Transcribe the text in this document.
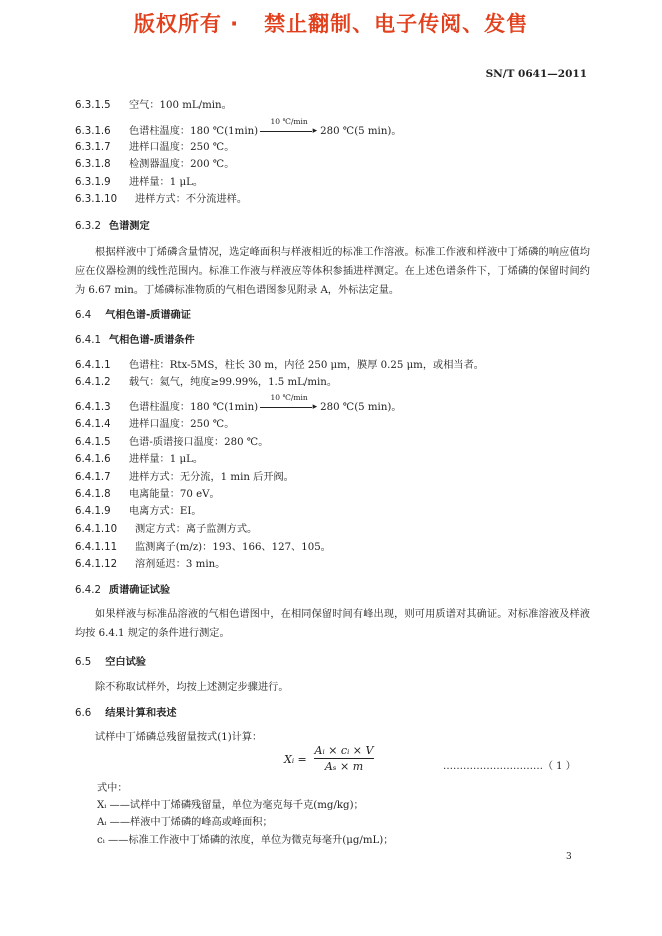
版权所有 ·   禁止翻制、电子传阅、发售
SN/T 0641—2011
6.3.1.5 空气：100 mL/min。
6.3.1.6 色谱柱温度：180 ℃(1min)
10 ℃/min
▸ 280 ℃(5 min)。
6.3.1.7 进样口温度：250 ℃。
6.3.1.8 检测器温度：200 ℃。
6.3.1.9 进样量：1 μL。
6.3.1.10 进样方式：不分流进样。
6.3.2 色谱测定
根据样液中丁烯磷含量情况，选定峰面积与样液相近的标准工作溶液。标准工作液和样液中丁烯磷的响应值均应在仪器检测的线性范围内。标准工作液与样液应等体积参插进样测定。在上述色谱条件下，丁烯磷的保留时间约为 6.67 min。丁烯磷标准物质的气相色谱图参见附录 A，外标法定量。
6.4 气相色谱-质谱确证
6.4.1 气相色谱-质谱条件
6.4.1.1 色谱柱：Rtx-5MS，柱长 30 m，内径 250 μm，膜厚 0.25 μm，或相当者。
6.4.1.2 载气：氦气，纯度≥99.99%，1.5 mL/min。
6.4.1.3 色谱柱温度：180 ℃(1min)
10 ℃/min
▸ 280 ℃(5 min)。
6.4.1.4 进样口温度：250 ℃。
6.4.1.5 色谱-质谱接口温度：280 ℃。
6.4.1.6 进样量：1 μL。
6.4.1.7 进样方式：无分流，1 min 后开阀。
6.4.1.8 电离能量：70 eV。
6.4.1.9 电离方式：EI。
6.4.1.10 测定方式：离子监测方式。
6.4.1.11 监测离子(m/z)：193、166、127、105。
6.4.1.12 溶剂延迟：3 min。
6.4.2 质谱确证试验
如果样液与标准品溶液的气相色谱图中，在相同保留时间有峰出现，则可用质谱对其确证。对标准溶液及样液均按 6.4.1 规定的条件进行测定。
6.5 空白试验
除不称取试样外，均按上述测定步骤进行。
6.6 结果计算和表述
试样中丁烯磷总残留量按式(1)计算：
Xᵢ = $\frac{\text{Aᵢ × cᵢ × V}}{\text{Aₛ × m}}$	…………………………（ 1 ）
式中：
Xᵢ ——试样中丁烯磷残留量，单位为毫克每千克(mg/kg)；
Aᵢ ——样液中丁烯磷的峰高或峰面积；
cᵢ ——标准工作液中丁烯磷的浓度，单位为微克每毫升(μg/mL)；
3
